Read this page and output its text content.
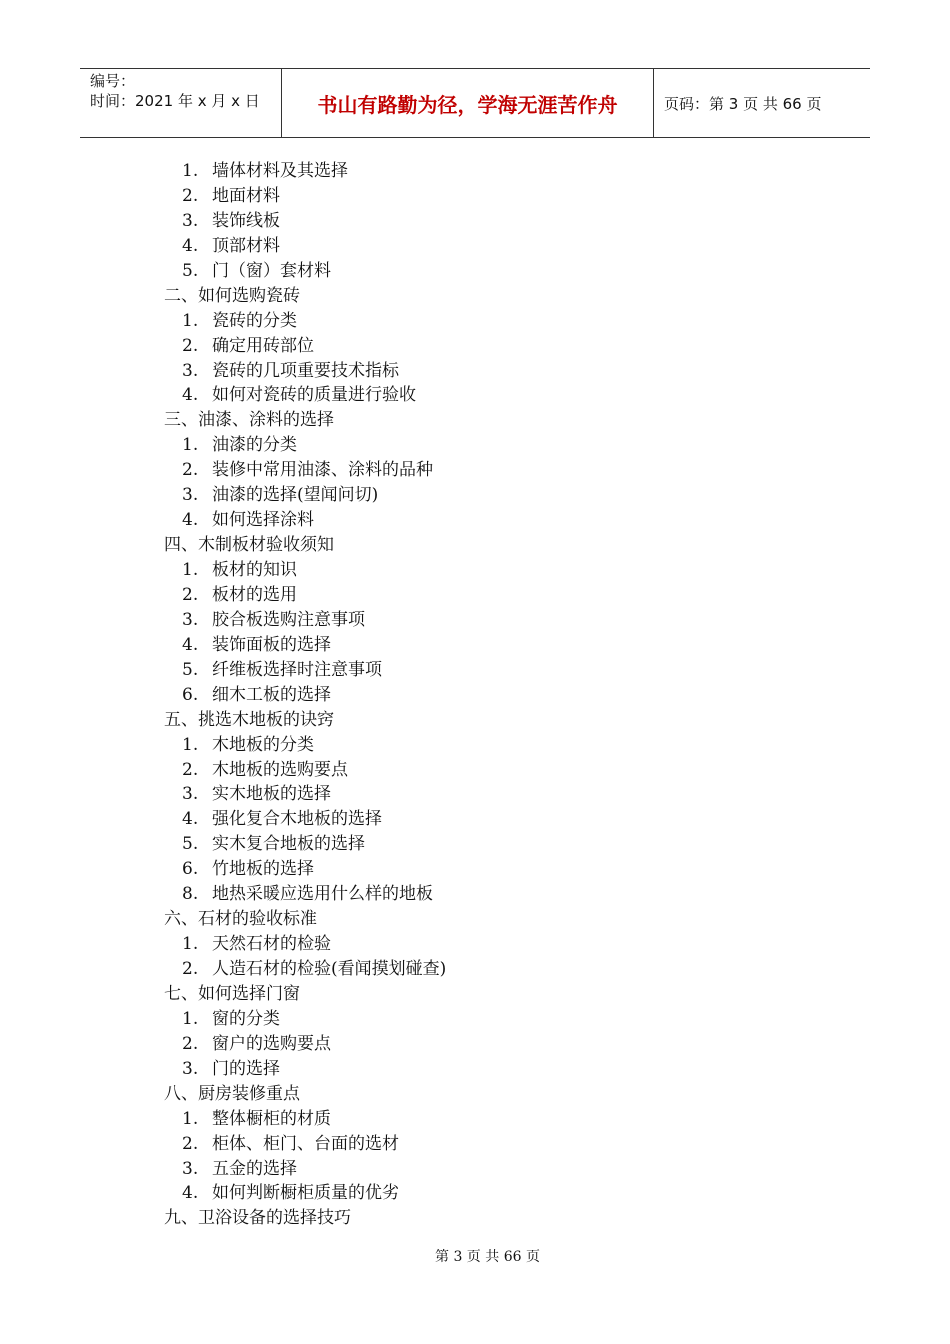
编号：
时间：2021 年 x 月 x 日	书山有路勤为径，学海无涯苦作舟	页码：第 3 页 共 66 页
1. 墙体材料及其选择
2. 地面材料
3. 装饰线板
4. 顶部材料
5. 门（窗）套材料
二、如何选购瓷砖
1. 瓷砖的分类
2. 确定用砖部位
3. 瓷砖的几项重要技术指标
4. 如何对瓷砖的质量进行验收
三、油漆、涂料的选择
1. 油漆的分类
2. 装修中常用油漆、涂料的品种
3. 油漆的选择(望闻问切)
4. 如何选择涂料
四、木制板材验收须知
1. 板材的知识
2. 板材的选用
3. 胶合板选购注意事项
4. 装饰面板的选择
5. 纤维板选择时注意事项
6. 细木工板的选择
五、挑选木地板的诀窍
1. 木地板的分类
2. 木地板的选购要点
3. 实木地板的选择
4. 强化复合木地板的选择
5. 实木复合地板的选择
6. 竹地板的选择
8. 地热采暖应选用什么样的地板
六、石材的验收标准
1. 天然石材的检验
2. 人造石材的检验(看闻摸划碰查)
七、如何选择门窗
1. 窗的分类
2. 窗户的选购要点
3. 门的选择
八、厨房装修重点
1. 整体橱柜的材质
2. 柜体、柜门、台面的选材
3. 五金的选择
4. 如何判断橱柜质量的优劣
九、卫浴设备的选择技巧
第 3 页 共 66 页
